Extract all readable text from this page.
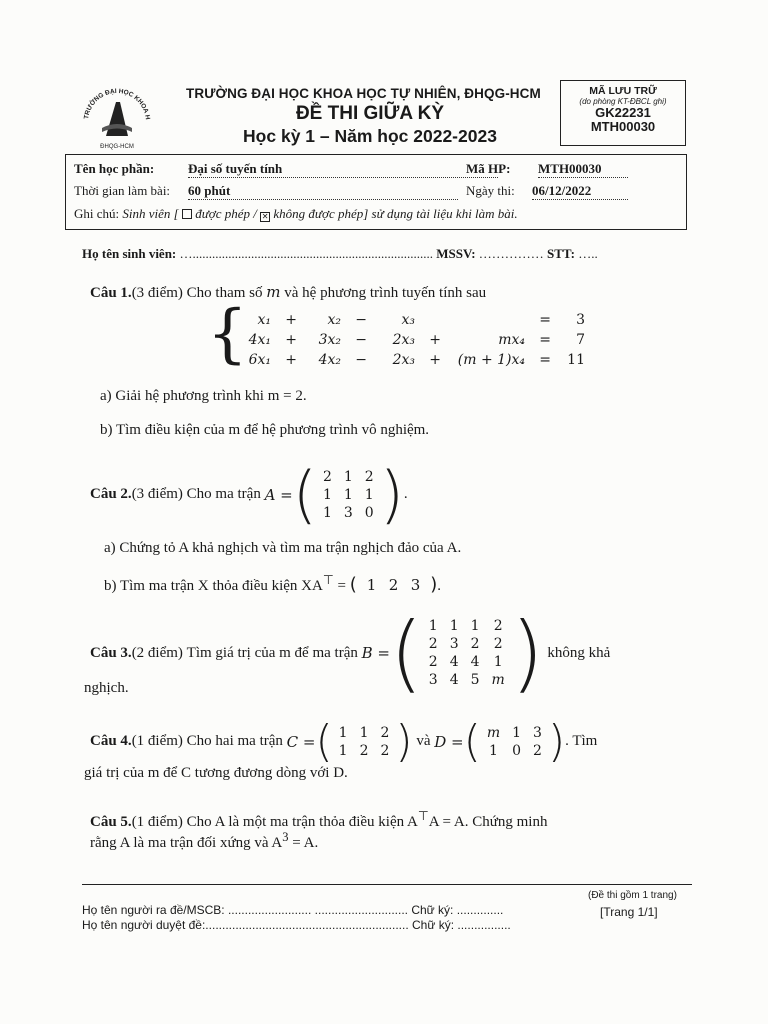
TRƯỜNG ĐẠI HỌC KHOA H
ĐHQG-HCM
TRƯỜNG ĐẠI HỌC KHOA HỌC TỰ NHIÊN, ĐHQG-HCM
ĐỀ THI GIỮA KỲ
Học kỳ 1 – Năm học 2022-2023
MÃ LƯU TRỮ
(do phòng KT-ĐBCL ghi)
GK22231
MTH00030
Tên học phần:	Đại số tuyến tính	Mã HP: MTH00030
Thời gian làm bài: 60 phút	Ngày thi: 06/12/2022
Ghi chú: Sinh viên [ được phép / ✕ không được phép] sử dụng tài liệu khi làm bài.
Họ tên sinh viên: ….......................................................................... MSSV: …………… STT: …..
Câu 1.(3 điểm) Cho tham số m và hệ phương trình tuyến tính sau
{ x₁	+	x₂	−	x₃			=	3
4x₁	+	3x₂	−	2x₃	+	mx₄	=	7
6x₁	+	4x₂	−	2x₃	+	(m + 1)x₄	=	11
a) Giải hệ phương trình khi m = 2.
b) Tìm điều kiện của m để hệ phương trình vô nghiệm.
Câu 2. (3 điểm)
Cho ma trận
A = ( 2	1	2
1	1	1
1	3	0 ) .
a) Chứng tỏ A khả nghịch và tìm ma trận nghịch đảo của A.
b) Tìm ma trận X thỏa điều kiện XA⊤ = ( 1 2 3 ).
Câu 3. (2 điểm)
Tìm giá trị của m để ma trận
B = ( 1	1	1	2
2	3	2	2
2	4	4	1
3	4	5	m )
không khả
nghịch.
Câu 4. (1 điểm)
Cho hai ma trận
C = ( 1	1	2
1	2	2 )
và
D = ( m	1	3
1	0	2 ) . Tìm
giá trị của m để C tương đương dòng với D.
Câu 5.(1 điểm) Cho A là một ma trận thỏa điều kiện A⊤A = A. Chứng minh
rằng A là ma trận đối xứng và $A^3 = A$.
(Đề thi gồm 1 trang)
[Trang 1/1]
Họ tên người ra đề/MSCB: ......................... ............................ Chữ ký: ..............
Họ tên người duyệt đề:............................................................. Chữ ký: ................
